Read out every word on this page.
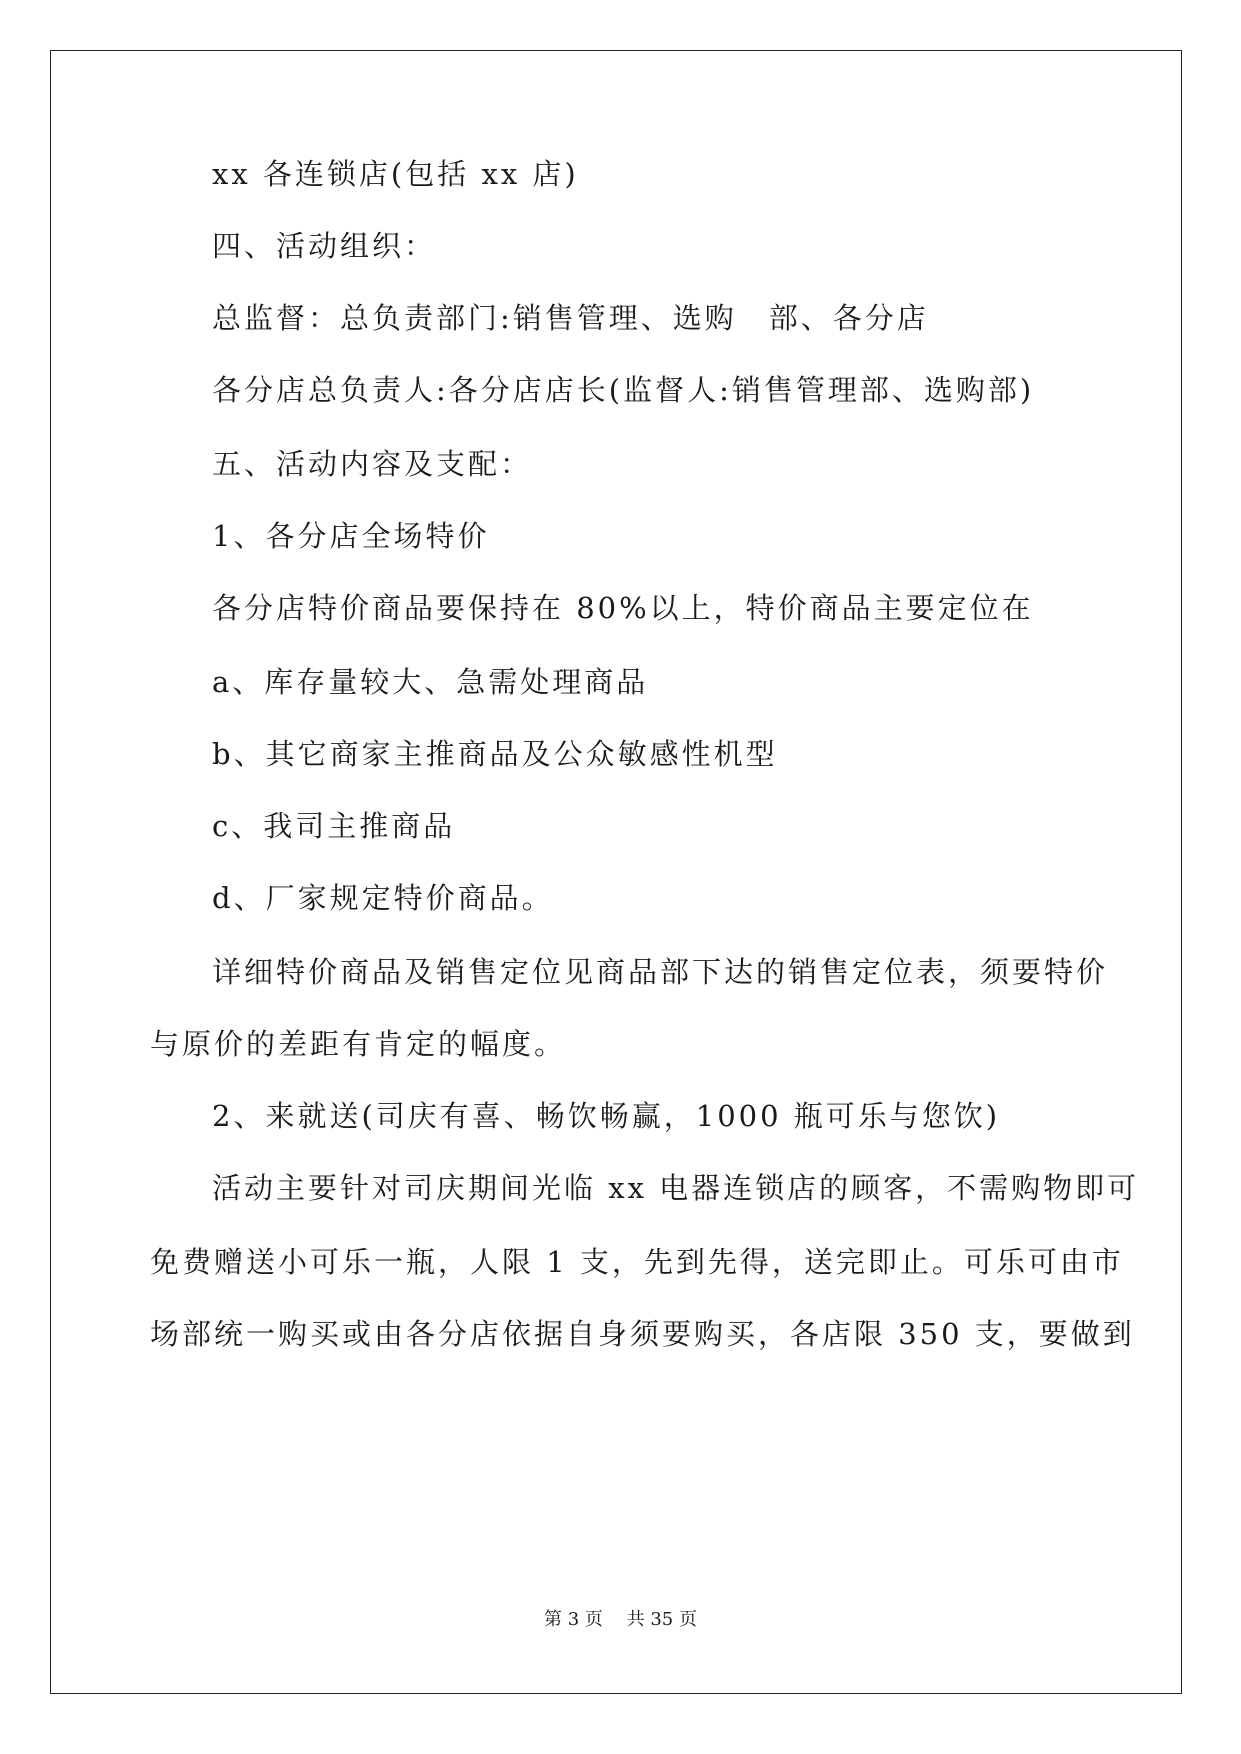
xx 各连锁店(包括 xx 店)
四、活动组织：
总监督：总负责部门:销售管理、选购　部、各分店
各分店总负责人:各分店店长(监督人:销售管理部、选购部)
五、活动内容及支配：
1、各分店全场特价
各分店特价商品要保持在 80%以上，特价商品主要定位在
a、库存量较大、急需处理商品
b、其它商家主推商品及公众敏感性机型
c、我司主推商品
d、厂家规定特价商品。
详细特价商品及销售定位见商品部下达的销售定位表，须要特价
与原价的差距有肯定的幅度。
2、来就送(司庆有喜、畅饮畅赢，1000 瓶可乐与您饮)
活动主要针对司庆期间光临 xx 电器连锁店的顾客，不需购物即可
免费赠送小可乐一瓶，人限 1 支，先到先得，送完即止。可乐可由市
场部统一购买或由各分店依据自身须要购买，各店限 350 支，要做到
第 3 页　 共 35 页
